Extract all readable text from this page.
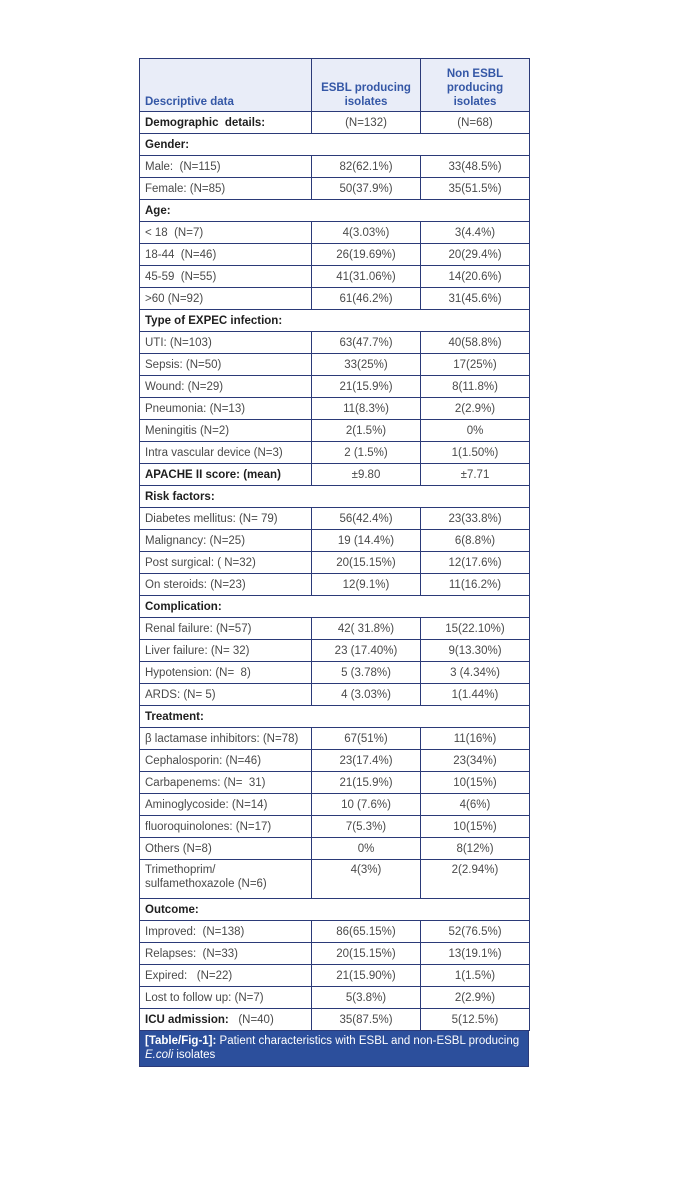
Descriptive data	ESBL producing isolates	Non ESBL producing isolates
Demographic  details:	(N=132)	(N=68)
Gender:		
Male:  (N=115)	82(62.1%)	33(48.5%)
Female: (N=85)	50(37.9%)	35(51.5%)
Age:		
< 18  (N=7)	4(3.03%)	3(4.4%)
18-44  (N=46)	26(19.69%)	20(29.4%)
45-59  (N=55)	41(31.06%)	14(20.6%)
>60 (N=92)	61(46.2%)	31(45.6%)
Type of EXPEC infection:		
UTI: (N=103)	63(47.7%)	40(58.8%)
Sepsis: (N=50)	33(25%)	17(25%)
Wound: (N=29)	21(15.9%)	8(11.8%)
Pneumonia: (N=13)	11(8.3%)	2(2.9%)
Meningitis (N=2)	2(1.5%)	0%
Intra vascular device (N=3)	2 (1.5%)	1(1.50%)
APACHE II score: (mean)	±9.80	±7.71
Risk factors:		
Diabetes mellitus: (N= 79)	56(42.4%)	23(33.8%)
Malignancy: (N=25)	19 (14.4%)	6(8.8%)
Post surgical: ( N=32)	20(15.15%)	12(17.6%)
On steroids: (N=23)	12(9.1%)	11(16.2%)
Complication:		
Renal failure: (N=57)	42( 31.8%)	15(22.10%)
Liver failure: (N= 32)	23 (17.40%)	9(13.30%)
Hypotension: (N=  8)	5 (3.78%)	3 (4.34%)
ARDS: (N= 5)	4 (3.03%)	1(1.44%)
Treatment:		
β lactamase inhibitors: (N=78)	67(51%)	11(16%)
Cephalosporin: (N=46)	23(17.4%)	23(34%)
Carbapenems: (N=  31)	21(15.9%)	10(15%)
Aminoglycoside: (N=14)	10 (7.6%)	4(6%)
fluoroquinolones: (N=17)	7(5.3%)	10(15%)
Others (N=8)	0%	8(12%)
Trimethoprim/ sulfamethoxazole (N=6)	4(3%)	2(2.94%)
Outcome:		
Improved:  (N=138)	86(65.15%)	52(76.5%)
Relapses:  (N=33)	20(15.15%)	13(19.1%)
Expired:   (N=22)	21(15.90%)	1(1.5%)
Lost to follow up: (N=7)	5(3.8%)	2(2.9%)
ICU admission: (N=40)	35(87.5%)	5(12.5%)
[Table/Fig-1]: Patient characteristics with ESBL and non-ESBL producing E.coli isolates
